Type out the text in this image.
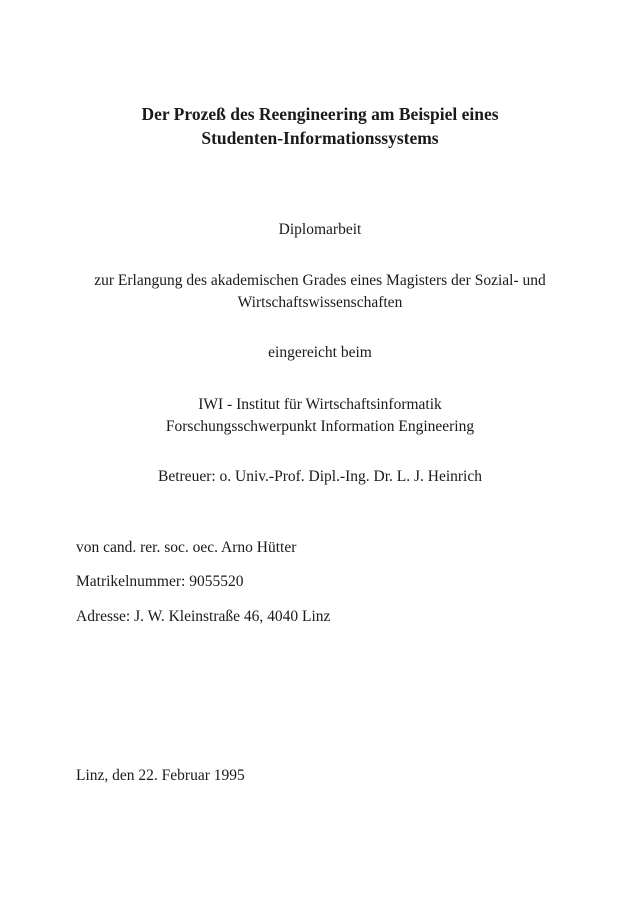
Der Prozeß des Reengineering am Beispiel eines
Studenten-Informationssystems
Diplomarbeit
zur Erlangung des akademischen Grades eines Magisters der Sozial- und
Wirtschaftswissenschaften
eingereicht beim
IWI - Institut für Wirtschaftsinformatik
Forschungsschwerpunkt Information Engineering
Betreuer: o. Univ.-Prof. Dipl.-Ing. Dr. L. J. Heinrich
von cand. rer. soc. oec. Arno Hütter
Matrikelnummer: 9055520
Adresse: J. W. Kleinstraße 46, 4040 Linz
Linz, den 22. Februar 1995
